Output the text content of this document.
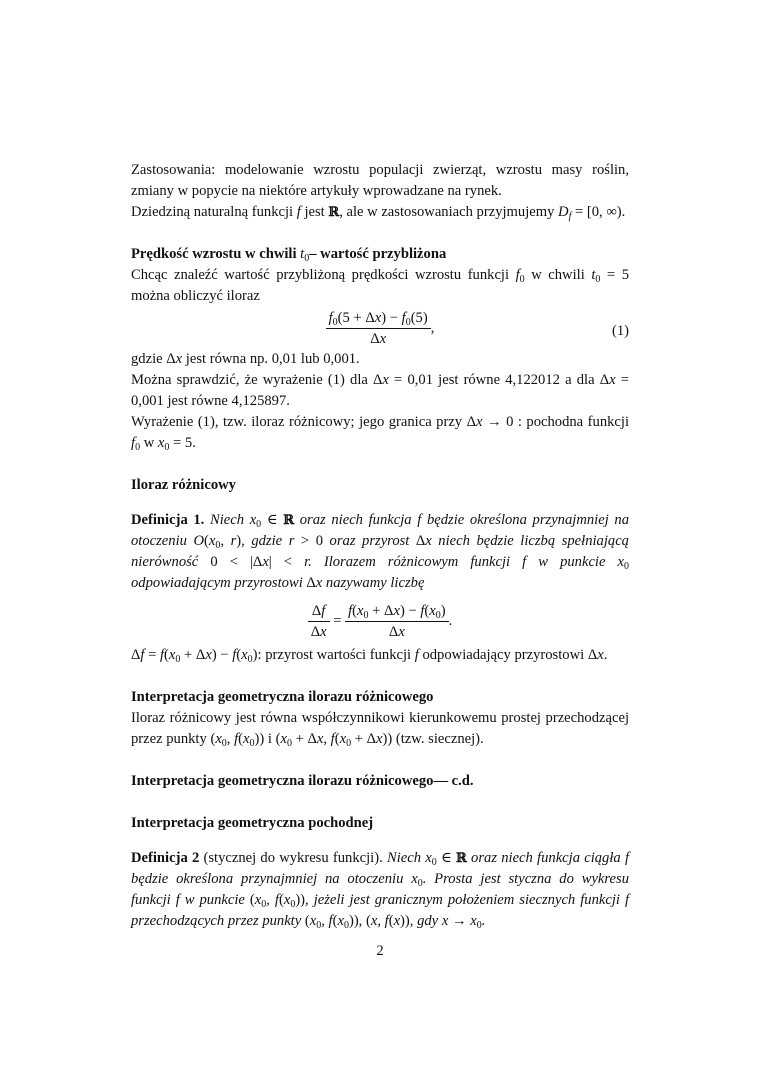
Zastosowania: modelowanie wzrostu populacji zwierząt, wzrostu masy roślin, zmiany w popycie na niektóre artykuły wprowadzane na rynek.

Dziedziną naturalną funkcji f jest ℝ, ale w zastosowaniach przyjmujemy $D_f = [0$, ∞).

Prędkość wzrostu w chwili $t_0-$ wartość przybliżona

Chcąc znaleźć wartość przybliżoną prędkości wzrostu funkcji $f_0$ w chwili $t_0 = 5$ można obliczyć iloraz

$\frac{f_0(5 + \Delta x) - f_0(5)}{\Delta x}$ ,	(1)

gdzie Δx jest równa np. 0,01 lub 0,001.

Można sprawdzić, że wyrażenie (1) dla Δx = 0,01 jest równe 4,122012 a dla Δx = 0,001 jest równe 4,125897.

Wyrażenie (1), tzw. iloraz różnicowy; jego granica przy Δx → 0 : pochodna funkcji $f_0$ w $x_0 = 5$.

Iloraz różnicowy

Definicja 1. Niech $x_0$ ∈ ℝ oraz niech funkcja f będzie określona przynajmniej na otoczeniu $O(x_0$, r), gdzie r > 0 oraz przyrost Δx niech będzie liczbą spełniającą nierówność 0 < |Δx| < r. Ilorazem różnicowym funkcji f w punkcie $x_0$ odpowiadającym przyrostowi Δx nazywamy liczbę

$\frac{\Delta f}{\Delta x} = \frac{f(x_0 + \Delta x) - f(x_0)}{\Delta x}$ .

$\Delta f = f(x_0 + \Delta x) - f(x_0)$: przyrost wartości funkcji f odpowiadający przyrostowi Δx.

Interpretacja geometryczna ilorazu różnicowego

Iloraz różnicowy jest równa współczynnikowi kierunkowemu prostej przechodzącej przez punkty ($x_0$, $f(x_0)$) i ($x_0 + \Delta x$, $f(x_0 + \Delta x)$) (tzw. siecznej).

Interpretacja geometryczna ilorazu różnicowego— c.d.

Interpretacja geometryczna pochodnej

Definicja 2 (stycznej do wykresu funkcji). Niech $x_0$ ∈ ℝ oraz niech funkcja ciągła f będzie określona przynajmniej na otoczeniu $x_0$. Prosta jest styczna do wykresu funkcji f w punkcie ($x_0$, $f(x_0)$), jeżeli jest granicznym położeniem siecznych funkcji f przechodzących przez punkty ($x_0$, $f(x_0)$), (x, f(x)), gdy $x \to x_0$.

2
